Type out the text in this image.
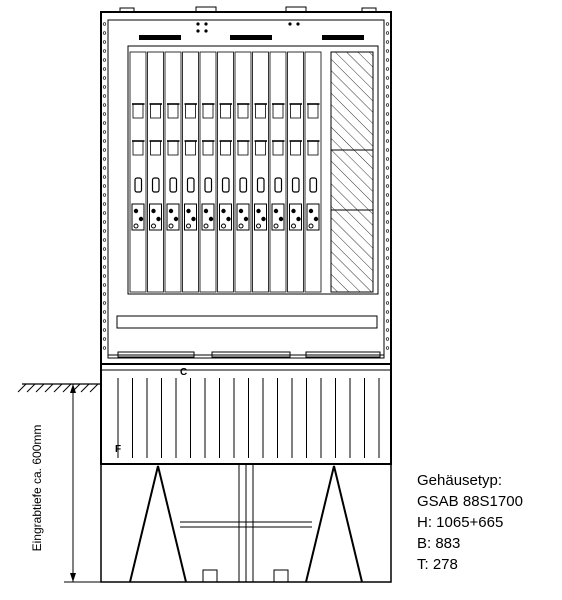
Eingrabtiefe ca. 600mm
C
F
Gehäusetyp:
GSAB 88S1700
H: 1065+665
B: 883
T: 278
